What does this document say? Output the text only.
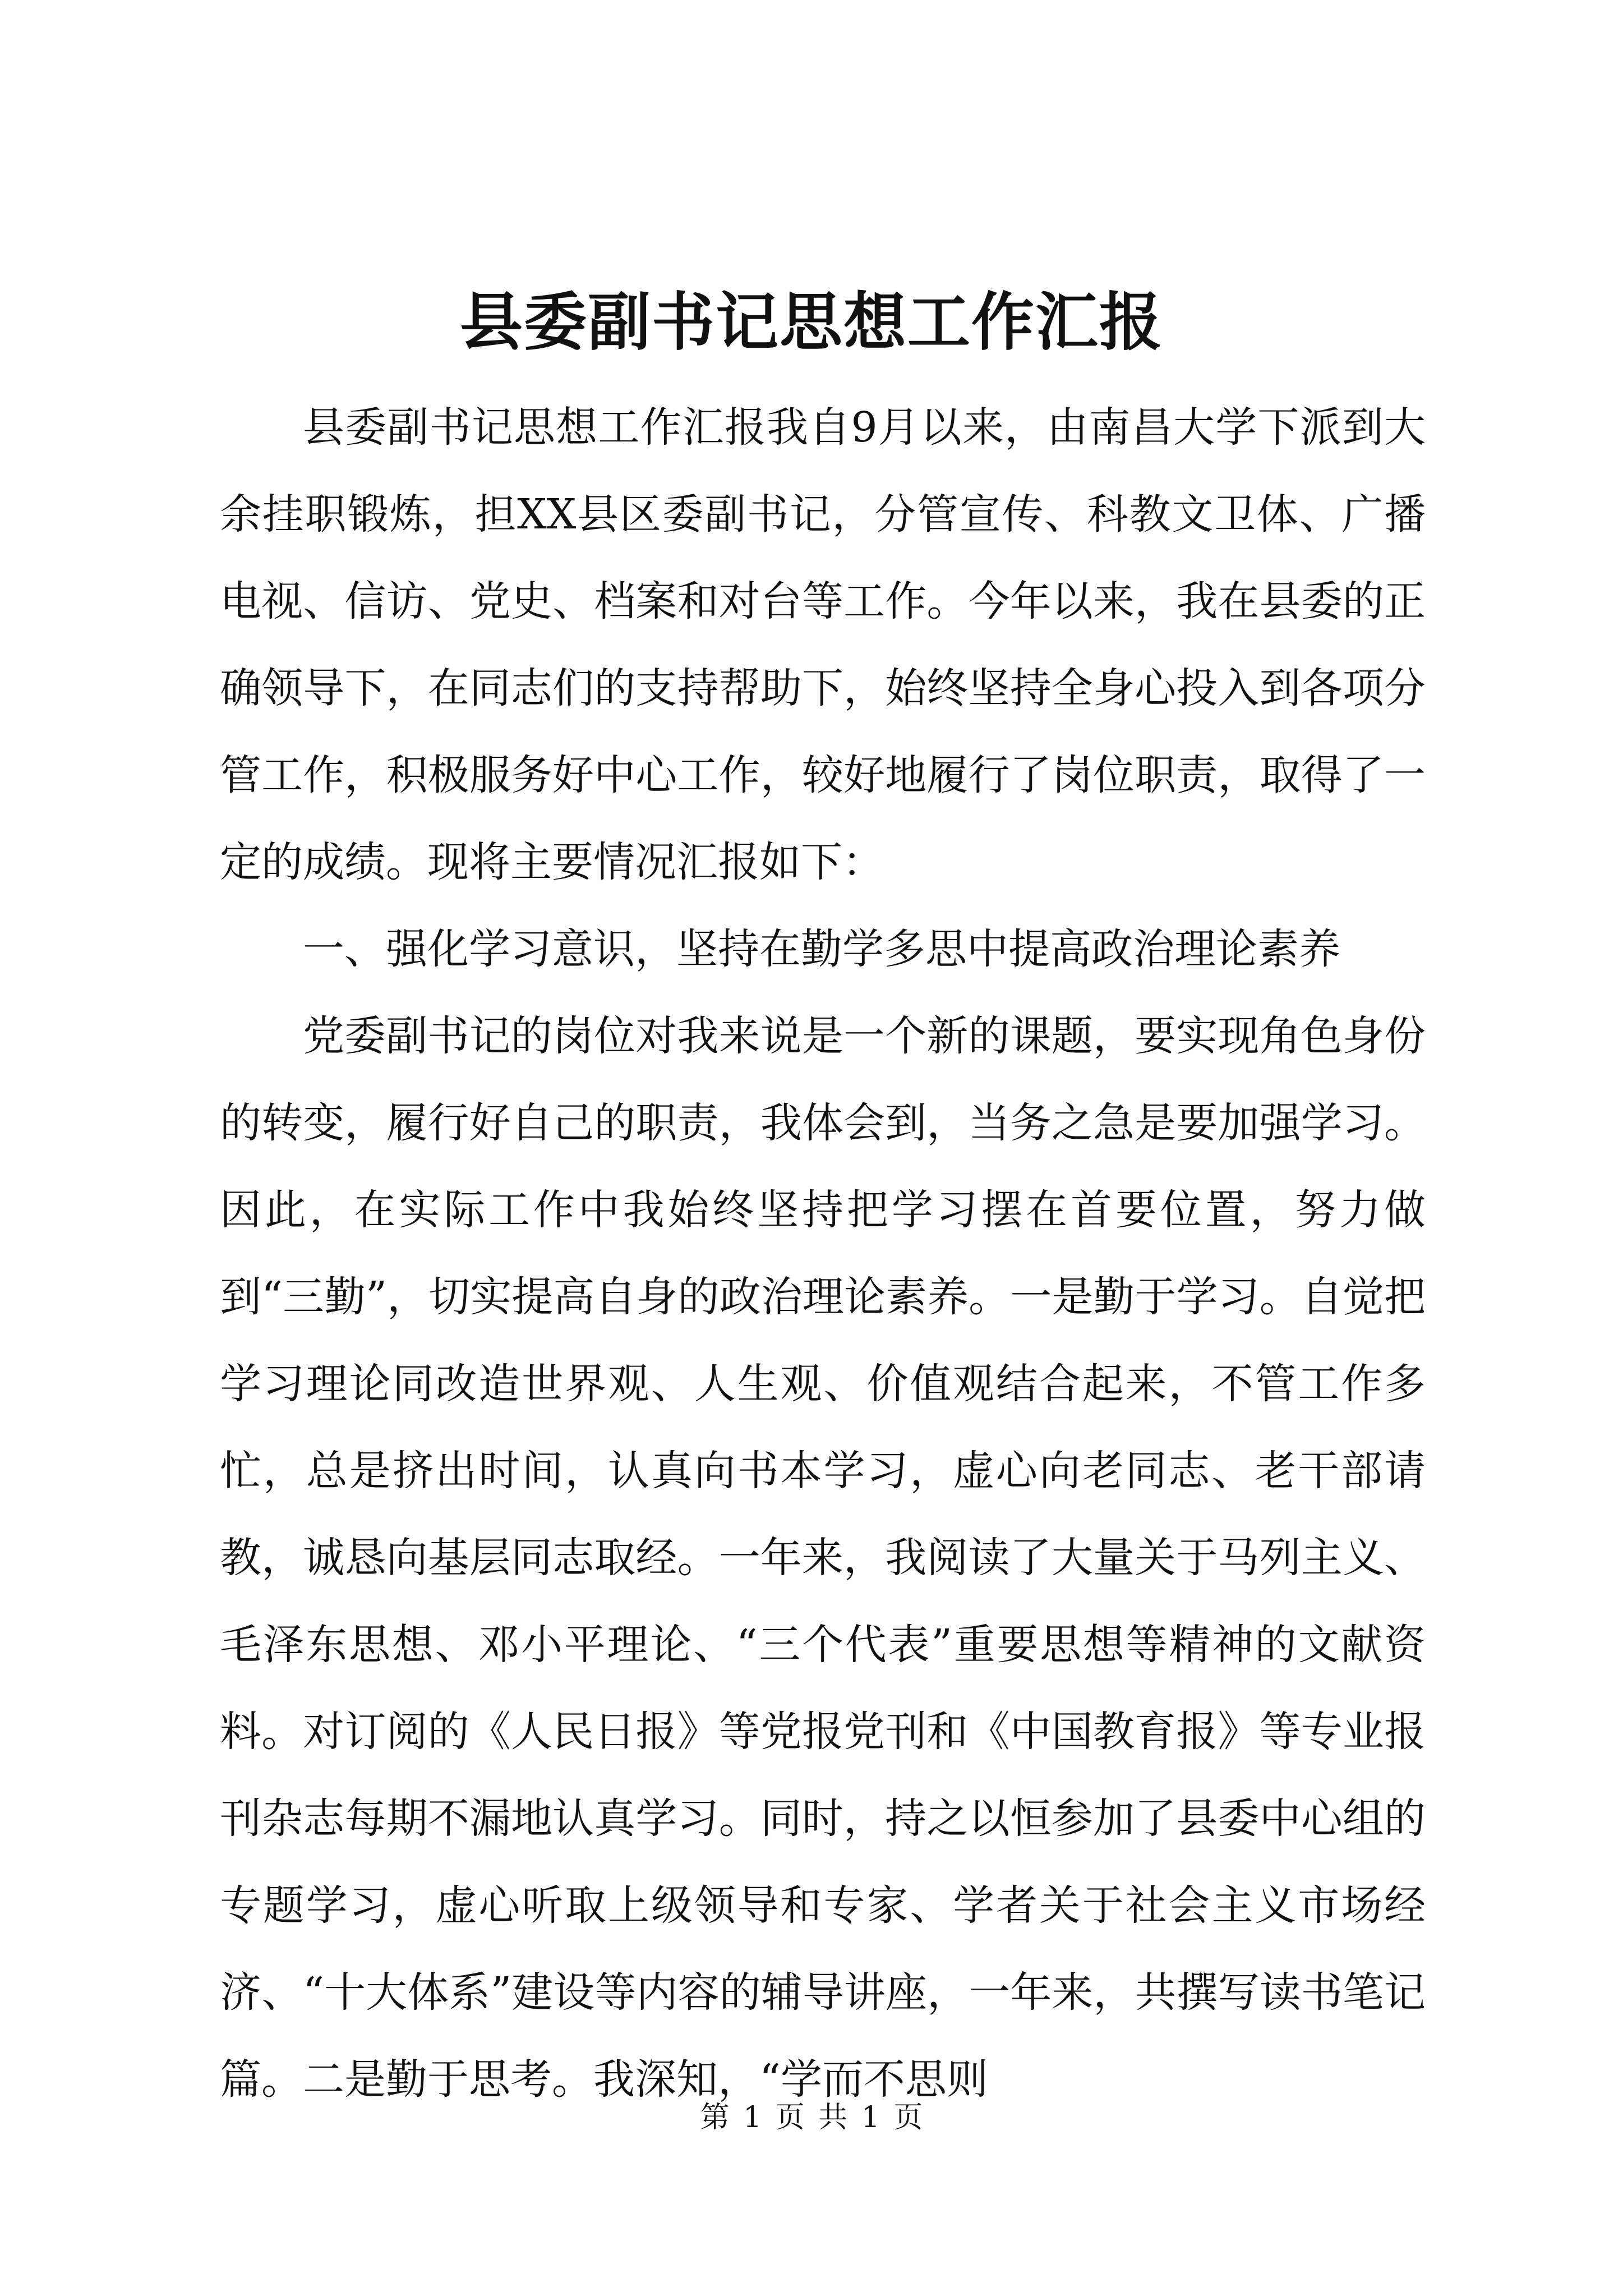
县委副书记思想工作汇报

县委副书记思想工作汇报我自9月以来，由南昌大学下派到大余挂职锻炼，担XX县区委副书记，分管宣传、科教文卫体、广播电视、信访、党史、档案和对台等工作。今年以来，我在县委的正确领导下，在同志们的支持帮助下，始终坚持全身心投入到各项分管工作，积极服务好中心工作，较好地履行了岗位职责，取得了一定的成绩。现将主要情况汇报如下：

一、强化学习意识，坚持在勤学多思中提高政治理论素养

党委副书记的岗位对我来说是一个新的课题，要实现角色身份的转变，履行好自己的职责，我体会到，当务之急是要加强学习。因此，在实际工作中我始终坚持把学习摆在首要位置，努力做到“三勤”，切实提高自身的政治理论素养。一是勤于学习。自觉把学习理论同改造世界观、人生观、价值观结合起来，不管工作多忙，总是挤出时间，认真向书本学习，虚心向老同志、老干部请教，诚恳向基层同志取经。一年来，我阅读了大量关于马列主义、毛泽东思想、邓小平理论、“三个代表”重要思想等精神的文献资料。对订阅的《人民日报》等党报党刊和《中国教育报》等专业报刊杂志每期不漏地认真学习。同时，持之以恒参加了县委中心组的专题学习，虚心听取上级领导和专家、学者关于社会主义市场经济、“十大体系”建设等内容的辅导讲座，一年来，共撰写读书笔记篇。二是勤于思考。我深知，“学而不思则

第 1 页 共 1 页
